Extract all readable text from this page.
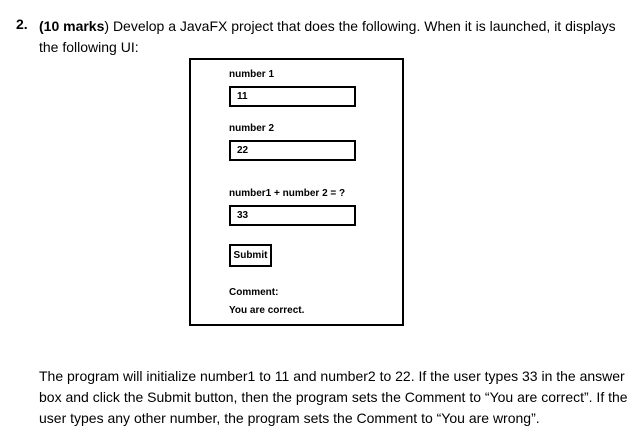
2. (10 marks) Develop a JavaFX project that does the following. When it is launched, it displays the following UI:
number 1
11
number 2
22
number1 + number 2 = ?
33
Submit
Comment:
You are correct.
The program will initialize number1 to 11 and number2 to 22. If the user types 33 in the answer box and click the Submit button, then the program sets the Comment to “You are correct”. If the user types any other number, the program sets the Comment to “You are wrong”.
